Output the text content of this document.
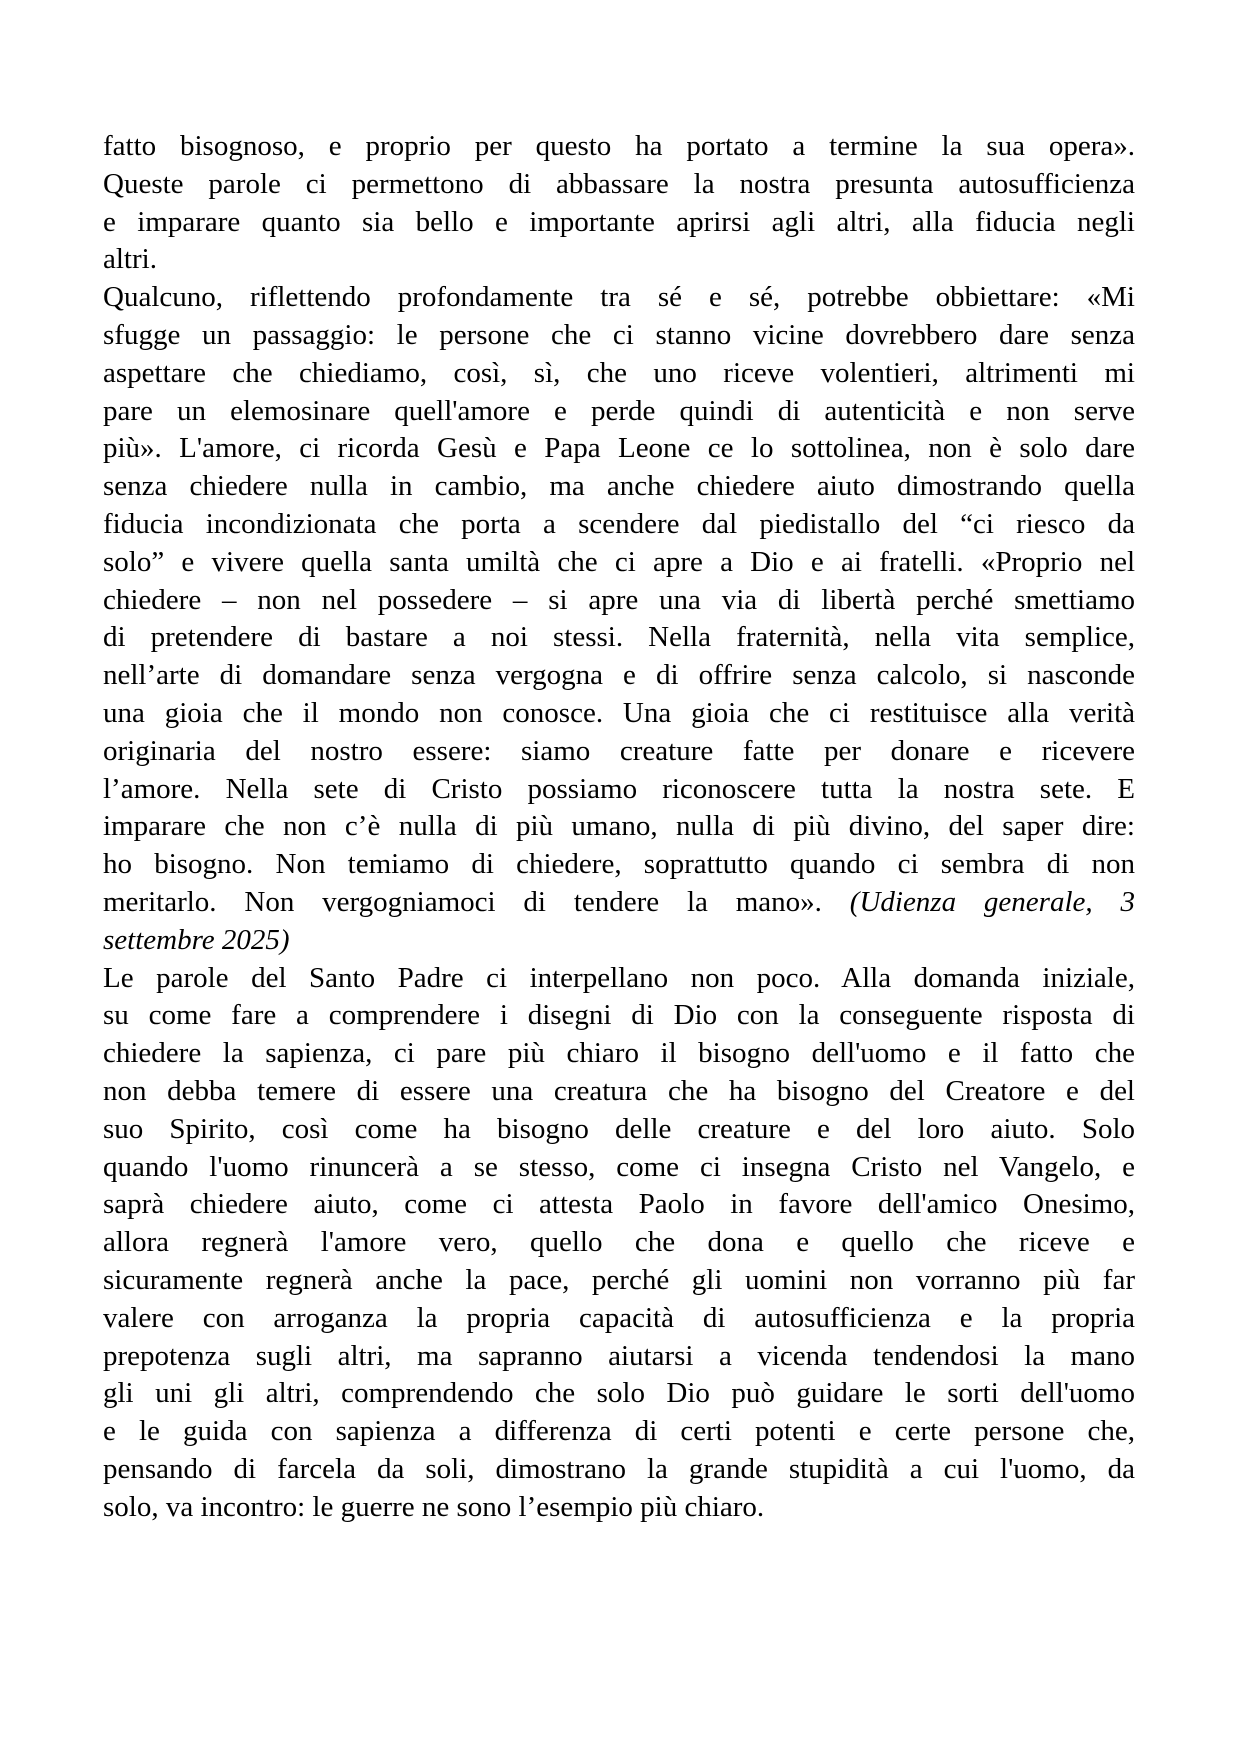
fatto bisognoso, e proprio per questo ha portato a termine la sua opera».
Queste parole ci permettono di abbassare la nostra presunta autosufficienza
e imparare quanto sia bello e importante aprirsi agli altri, alla fiducia negli
altri.
Qualcuno, riflettendo profondamente tra sé e sé, potrebbe obbiettare: «Mi
sfugge un passaggio: le persone che ci stanno vicine dovrebbero dare senza
aspettare che chiediamo, così, sì, che uno riceve volentieri, altrimenti mi
pare un elemosinare quell'amore e perde quindi di autenticità e non serve
più». L'amore, ci ricorda Gesù e Papa Leone ce lo sottolinea, non è solo dare
senza chiedere nulla in cambio, ma anche chiedere aiuto dimostrando quella
fiducia incondizionata che porta a scendere dal piedistallo del “ci riesco da
solo” e vivere quella santa umiltà che ci apre a Dio e ai fratelli. «Proprio nel
chiedere – non nel possedere – si apre una via di libertà perché smettiamo
di pretendere di bastare a noi stessi. Nella fraternità, nella vita semplice,
nell’arte di domandare senza vergogna e di offrire senza calcolo, si nasconde
una gioia che il mondo non conosce. Una gioia che ci restituisce alla verità
originaria del nostro essere: siamo creature fatte per donare e ricevere
l’amore. Nella sete di Cristo possiamo riconoscere tutta la nostra sete. E
imparare che non c’è nulla di più umano, nulla di più divino, del saper dire:
ho bisogno. Non temiamo di chiedere, soprattutto quando ci sembra di non
meritarlo. Non vergogniamoci di tendere la mano». (Udienza generale, 3
settembre 2025)
Le parole del Santo Padre ci interpellano non poco. Alla domanda iniziale,
su come fare a comprendere i disegni di Dio con la conseguente risposta di
chiedere la sapienza, ci pare più chiaro il bisogno dell'uomo e il fatto che
non debba temere di essere una creatura che ha bisogno del Creatore e del
suo Spirito, così come ha bisogno delle creature e del loro aiuto. Solo
quando l'uomo rinuncerà a se stesso, come ci insegna Cristo nel Vangelo, e
saprà chiedere aiuto, come ci attesta Paolo in favore dell'amico Onesimo,
allora regnerà l'amore vero, quello che dona e quello che riceve e
sicuramente regnerà anche la pace, perché gli uomini non vorranno più far
valere con arroganza la propria capacità di autosufficienza e la propria
prepotenza sugli altri, ma sapranno aiutarsi a vicenda tendendosi la mano
gli uni gli altri, comprendendo che solo Dio può guidare le sorti dell'uomo
e le guida con sapienza a differenza di certi potenti e certe persone che,
pensando di farcela da soli, dimostrano la grande stupidità a cui l'uomo, da
solo, va incontro: le guerre ne sono l’esempio più chiaro.
